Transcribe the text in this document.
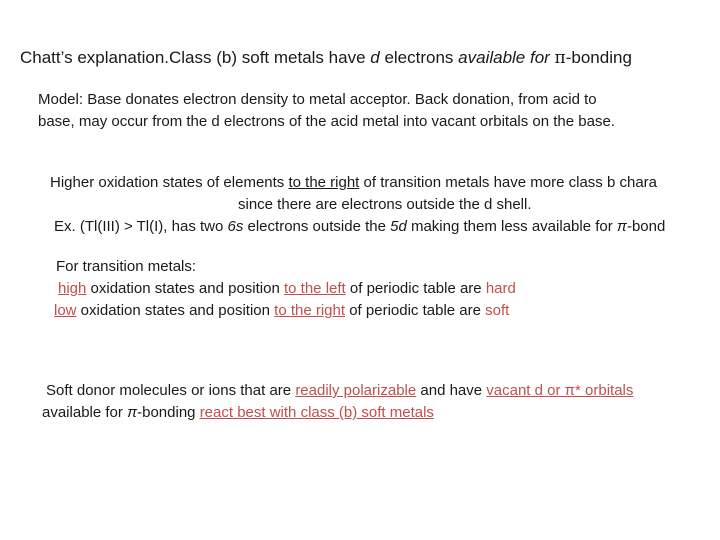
Chatt’s explanation.Class (b) soft metals have d electrons available for π-bonding
Model: Base donates electron density to metal acceptor. Back donation, from acid to
base, may occur from the d electrons of the acid metal into vacant orbitals on the base.
Higher oxidation states of elements to the right of transition metals have more class b chara
since there are electrons outside the d shell.
Ex. (Tl(III) > Tl(I), has two 6s electrons outside the 5d making them less available for π-bond
For transition metals:
high oxidation states and position to the left of periodic table are hard
low oxidation states and position to the right of periodic table are soft
Soft donor molecules or ions that are readily polarizable and have vacant d or π* orbitals
available for π-bonding react best with class (b) soft metals
